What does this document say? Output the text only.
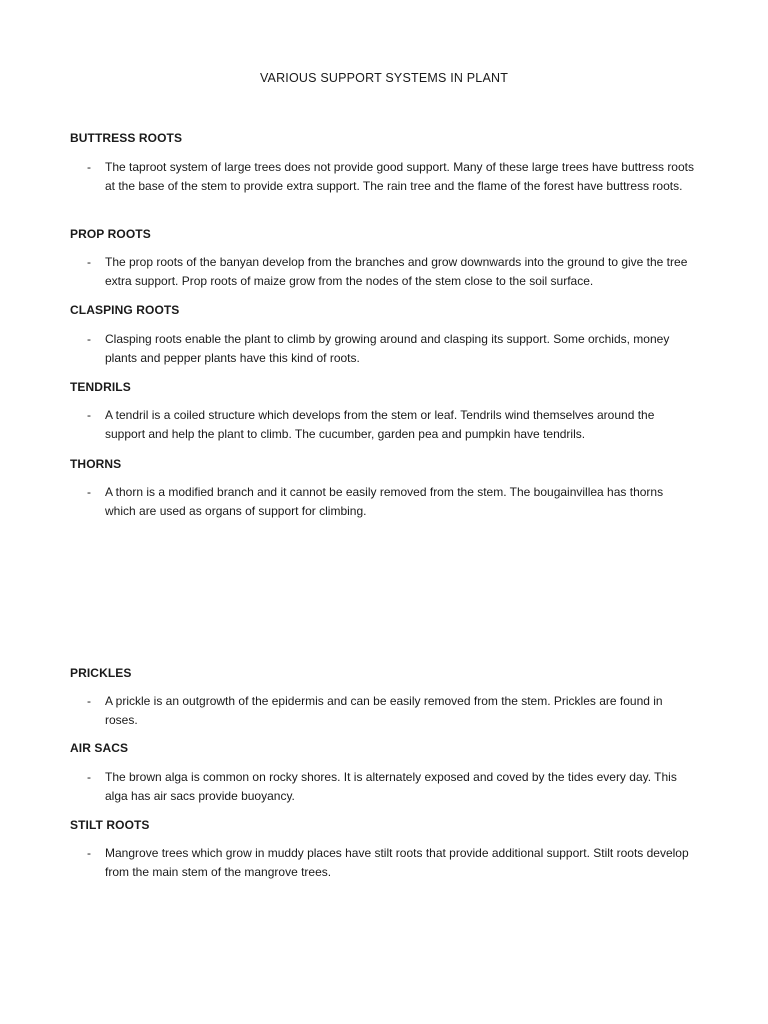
VARIOUS SUPPORT SYSTEMS IN PLANT
BUTTRESS ROOTS
- The taproot system of large trees does not provide good support. Many of these large trees have buttress roots at the base of the stem to provide extra support. The rain tree and the flame of the forest have buttress roots.
PROP ROOTS
- The prop roots of the banyan develop from the branches and grow downwards into the ground to give the tree extra support. Prop roots of maize grow from the nodes of the stem close to the soil surface.
CLASPING ROOTS
- Clasping roots enable the plant to climb by growing around and clasping its support. Some orchids, money plants and pepper plants have this kind of roots.
TENDRILS
- A tendril is a coiled structure which develops from the stem or leaf. Tendrils wind themselves around the support and help the plant to climb. The cucumber, garden pea and pumpkin have tendrils.
THORNS
- A thorn is a modified branch and it cannot be easily removed from the stem. The bougainvillea has thorns which are used as organs of support for climbing.
PRICKLES
- A prickle is an outgrowth of the epidermis and can be easily removed from the stem. Prickles are found in roses.
AIR SACS
- The brown alga is common on rocky shores. It is alternately exposed and coved by the tides every day. This alga has air sacs provide buoyancy.
STILT ROOTS
- Mangrove trees which grow in muddy places have stilt roots that provide additional support. Stilt roots develop from the main stem of the mangrove trees.
